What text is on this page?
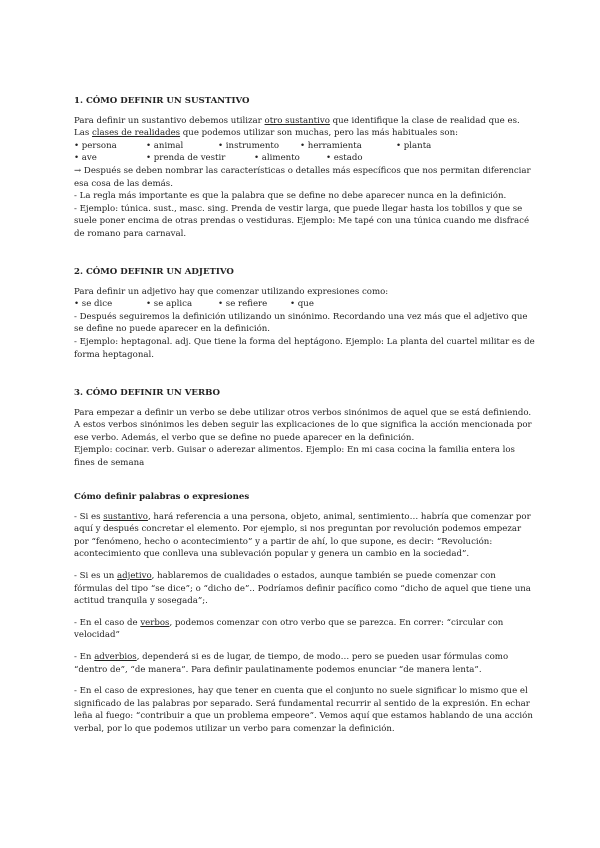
1. CÓMO DEFINIR UN SUSTANTIVO

Para definir un sustantivo debemos utilizar otro sustantivo que identifique la clase de realidad que es.

Las clases de realidades que podemos utilizar son muchas, pero las más habituales son:

• persona	• animal	• instrumento	• herramienta	• planta
• ave	• prenda de vestir	• alimento	• estado

→ Después se deben nombrar las características o detalles más específicos que nos permitan diferenciar esa cosa de las demás.

- La regla más importante es que la palabra que se define no debe aparecer nunca en la definición.

- Ejemplo: túnica. sust., masc. sing. Prenda de vestir larga, que puede llegar hasta los tobillos y que se suele poner encima de otras prendas o vestiduras. Ejemplo: Me tapé con una túnica cuando me disfracé de romano para carnaval.

2. CÓMO DEFINIR UN ADJETIVO

Para definir un adjetivo hay que comenzar utilizando expresiones como:

• se dice	• se aplica	• se refiere	• que

- Después seguiremos la definición utilizando un sinónimo. Recordando una vez más que el adjetivo que se define no puede aparecer en la definición.

- Ejemplo: heptagonal. adj. Que tiene la forma del heptágono. Ejemplo: La planta del cuartel militar es de forma heptagonal.

3. CÓMO DEFINIR UN VERBO

Para empezar a definir un verbo se debe utilizar otros verbos sinónimos de aquel que se está definiendo. A estos verbos sinónimos les deben seguir las explicaciones de lo que significa la acción mencionada por ese verbo. Además, el verbo que se define no puede aparecer en la definición.

Ejemplo: cocinar. verb. Guisar o aderezar alimentos. Ejemplo: En mi casa cocina la familia entera los fines de semana

Cómo definir palabras o expresiones

- Si es sustantivo, hará referencia a una persona, objeto, animal, sentimiento… habría que comenzar por aquí y después concretar el elemento. Por ejemplo, si nos preguntan por revolución podemos empezar por “fenómeno, hecho o acontecimiento” y a partir de ahí, lo que supone, es decir: “Revolución: acontecimiento que conlleva una sublevación popular y genera un cambio en la sociedad”.

- Si es un adjetivo, hablaremos de cualidades o estados, aunque también se puede comenzar con fórmulas del tipo “se dice”; o “dicho de”.. Podríamos definir pacífico como “dicho de aquel que tiene una actitud tranquila y sosegada”;.

- En el caso de verbos, podemos comenzar con otro verbo que se parezca. En correr: “circular con velocidad”

- En adverbios, dependerá si es de lugar, de tiempo, de modo… pero se pueden usar fórmulas como “dentro de”, “de manera”. Para definir paulatinamente podemos enunciar “de manera lenta”.

- En el caso de expresiones, hay que tener en cuenta que el conjunto no suele significar lo mismo que el significado de las palabras por separado. Será fundamental recurrir al sentido de la expresión. En echar leña al fuego: “contribuir a que un problema empeore”. Vemos aquí que estamos hablando de una acción verbal, por lo que podemos utilizar un verbo para comenzar la definición.
